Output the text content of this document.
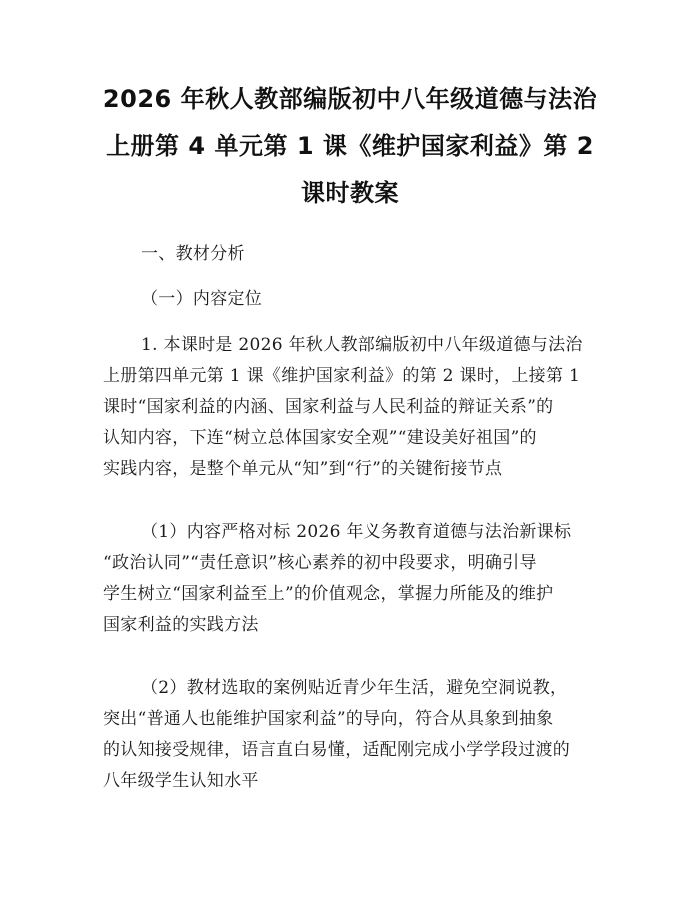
2026 年秋人教部编版初中八年级道德与法治
上册第 4 单元第 1 课《维护国家利益》第 2
课时教案
一、教材分析
（一）内容定位
1. 本课时是 2026 年秋人教部编版初中八年级道德与法治
上册第四单元第 1 课《维护国家利益》的第 2 课时，上接第 1
课时“国家利益的内涵、国家利益与人民利益的辩证关系”的
认知内容，下连“树立总体国家安全观”“建设美好祖国”的
实践内容，是整个单元从“知”到“行”的关键衔接节点
（1）内容严格对标 2026 年义务教育道德与法治新课标
“政治认同”“责任意识”核心素养的初中段要求，明确引导
学生树立“国家利益至上”的价值观念，掌握力所能及的维护
国家利益的实践方法
（2）教材选取的案例贴近青少年生活，避免空洞说教，
突出“普通人也能维护国家利益”的导向，符合从具象到抽象
的认知接受规律，语言直白易懂，适配刚完成小学学段过渡的
八年级学生认知水平
